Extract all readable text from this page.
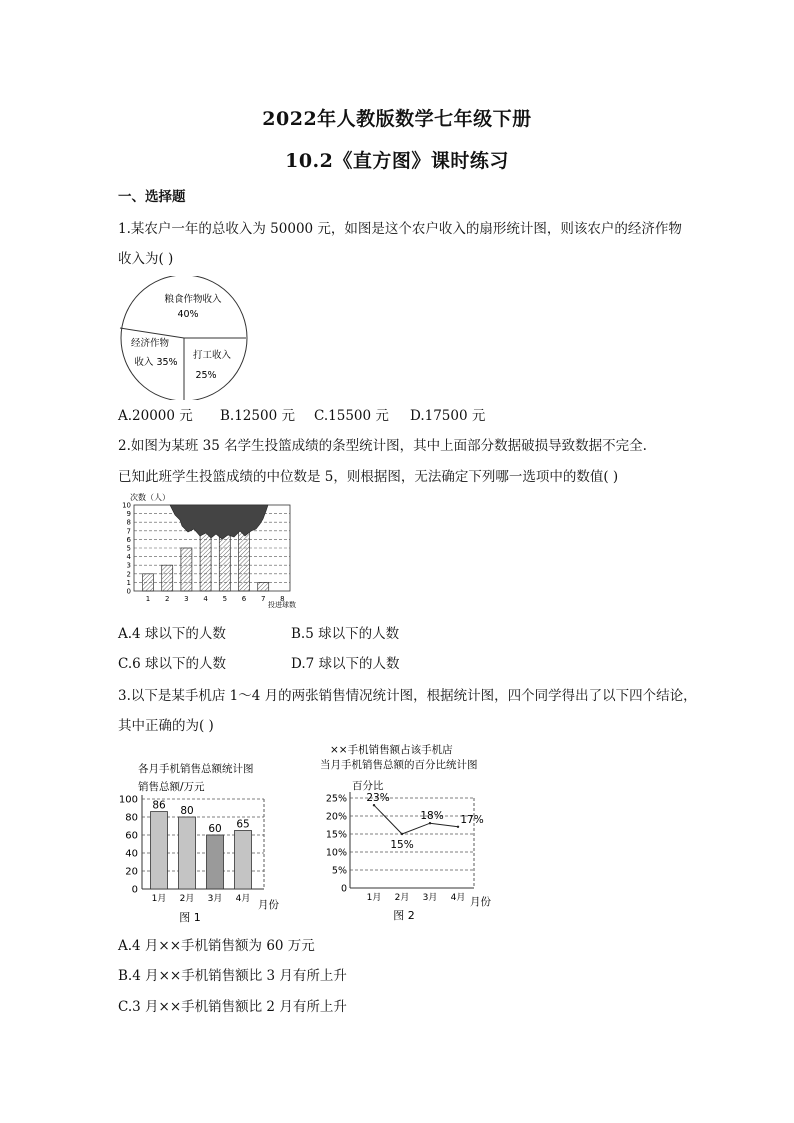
2022年人教版数学七年级下册
10.2《直方图》课时练习
一、选择题
1.某农户一年的总收入为 50000 元，如图是这个农户收入的扇形统计图，则该农户的经济作物
收入为( )
粮食作物收入
40%
经济作物
收入 35%
打工收入
25%
A.20000 元 B.12500 元 C.15500 元 D.17500 元
2.如图为某班 35 名学生投篮成绩的条型统计图，其中上面部分数据破损导致数据不完全.
已知此班学生投篮成绩的中位数是 5，则根据图，无法确定下列哪一选项中的数值( )
次数（人）
0
1
2
3
4
5
6
7
8
9
10
1 2 3 4 5 6 7 8
投进球数
A.4 球以下的人数	B.5 球以下的人数
C.6 球以下的人数	D.7 球以下的人数
3.以下是某手机店 1～4 月的两张销售情况统计图，根据统计图，四个同学得出了以下四个结论，
其中正确的为( )
各月手机销售总额统计图
销售总额/万元
0
20
40
60
80
100 86
1月
80
2月
60
3月
65
4月 月份
图 1
××手机销售额占该手机店
当月手机销售总额的百分比统计图
百分比
0
5%
10%
15%
20%
25% 23%
1月
15%
2月
18%
3月
17%
4月 月份
图 2
A.4 月××手机销售额为 60 万元
B.4 月××手机销售额比 3 月有所上升
C.3 月××手机销售额比 2 月有所上升
